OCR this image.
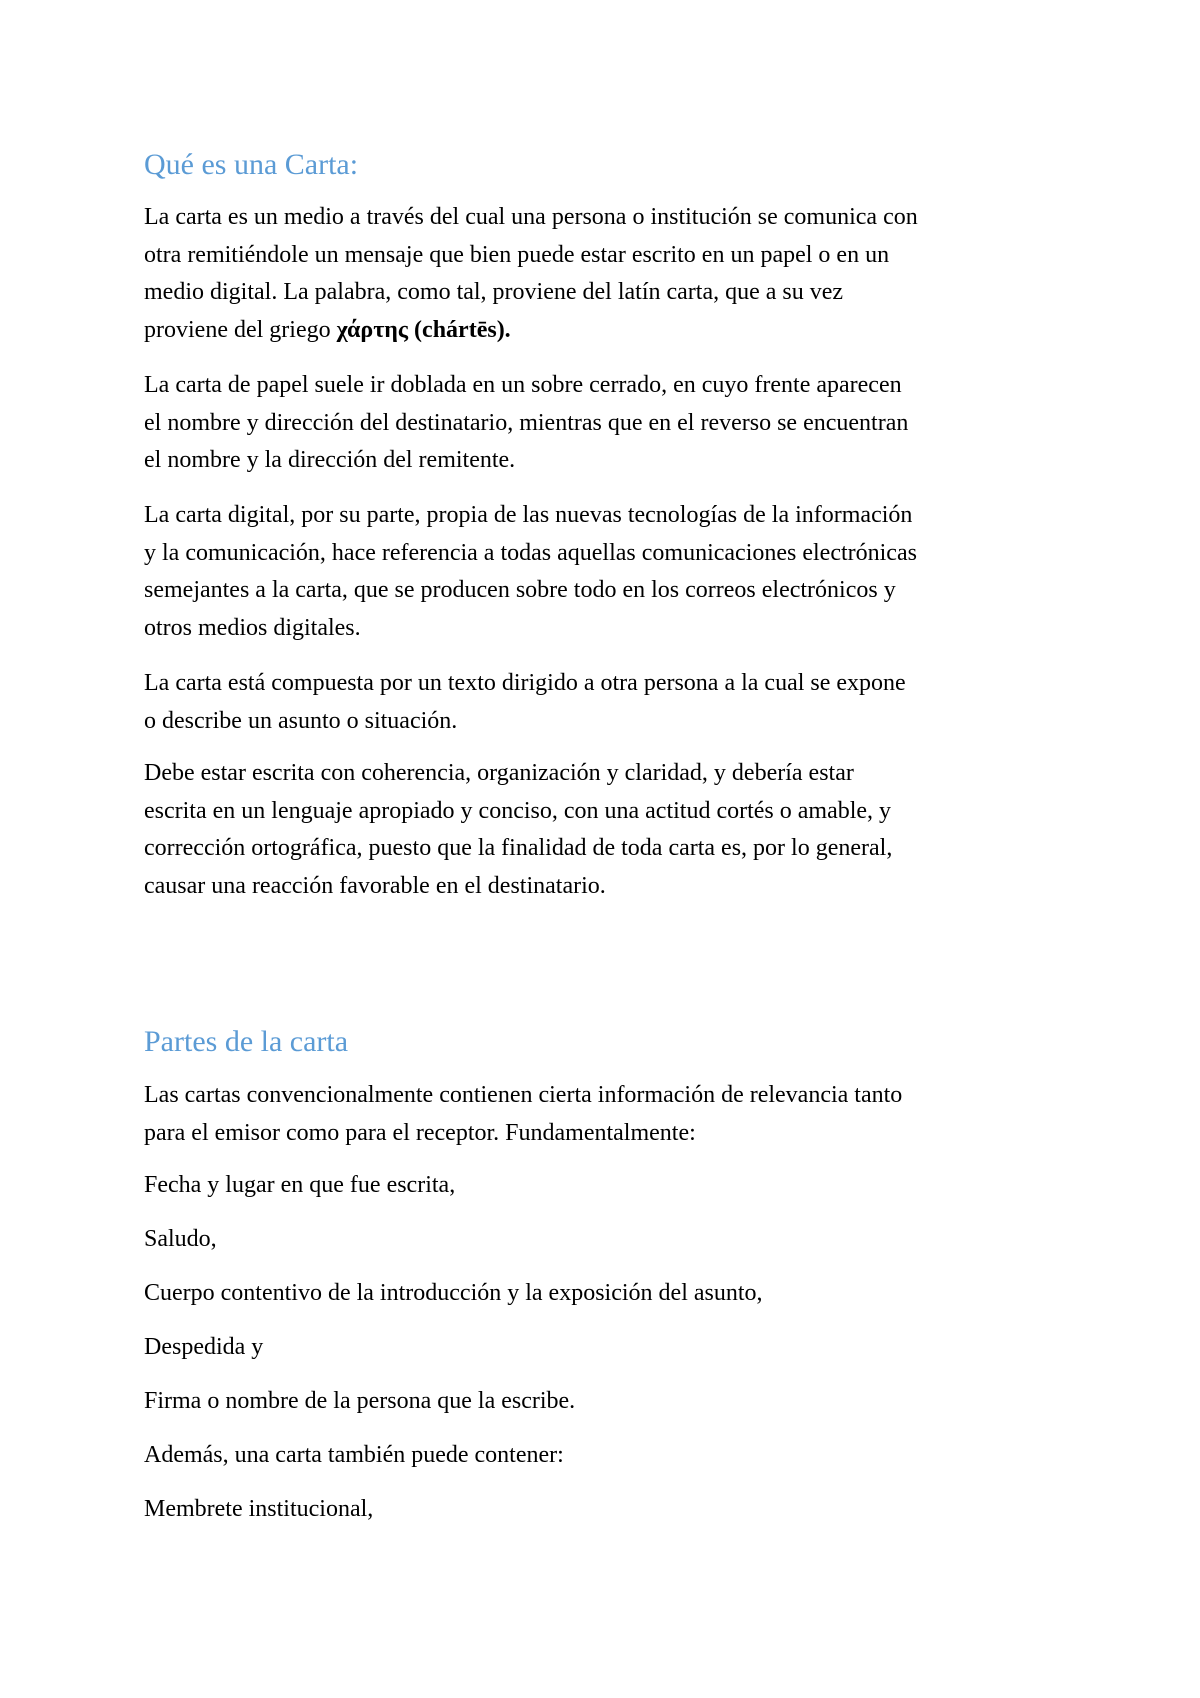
Qué es una Carta:

La carta es un medio a través del cual una persona o institución se comunica con
otra remitiéndole un mensaje que bien puede estar escrito en un papel o en un
medio digital. La palabra, como tal, proviene del latín carta, que a su vez
proviene del griego χάρτης (chártēs).

La carta de papel suele ir doblada en un sobre cerrado, en cuyo frente aparecen
el nombre y dirección del destinatario, mientras que en el reverso se encuentran
el nombre y la dirección del remitente.

La carta digital, por su parte, propia de las nuevas tecnologías de la información
y la comunicación, hace referencia a todas aquellas comunicaciones electrónicas
semejantes a la carta, que se producen sobre todo en los correos electrónicos y
otros medios digitales.

La carta está compuesta por un texto dirigido a otra persona a la cual se expone
o describe un asunto o situación.

Debe estar escrita con coherencia, organización y claridad, y debería estar
escrita en un lenguaje apropiado y conciso, con una actitud cortés o amable, y
corrección ortográfica, puesto que la finalidad de toda carta es, por lo general,
causar una reacción favorable en el destinatario.

Partes de la carta

Las cartas convencionalmente contienen cierta información de relevancia tanto
para el emisor como para el receptor. Fundamentalmente:

Fecha y lugar en que fue escrita,

Saludo,

Cuerpo contentivo de la introducción y la exposición del asunto,

Despedida y

Firma o nombre de la persona que la escribe.

Además, una carta también puede contener:

Membrete institucional,
